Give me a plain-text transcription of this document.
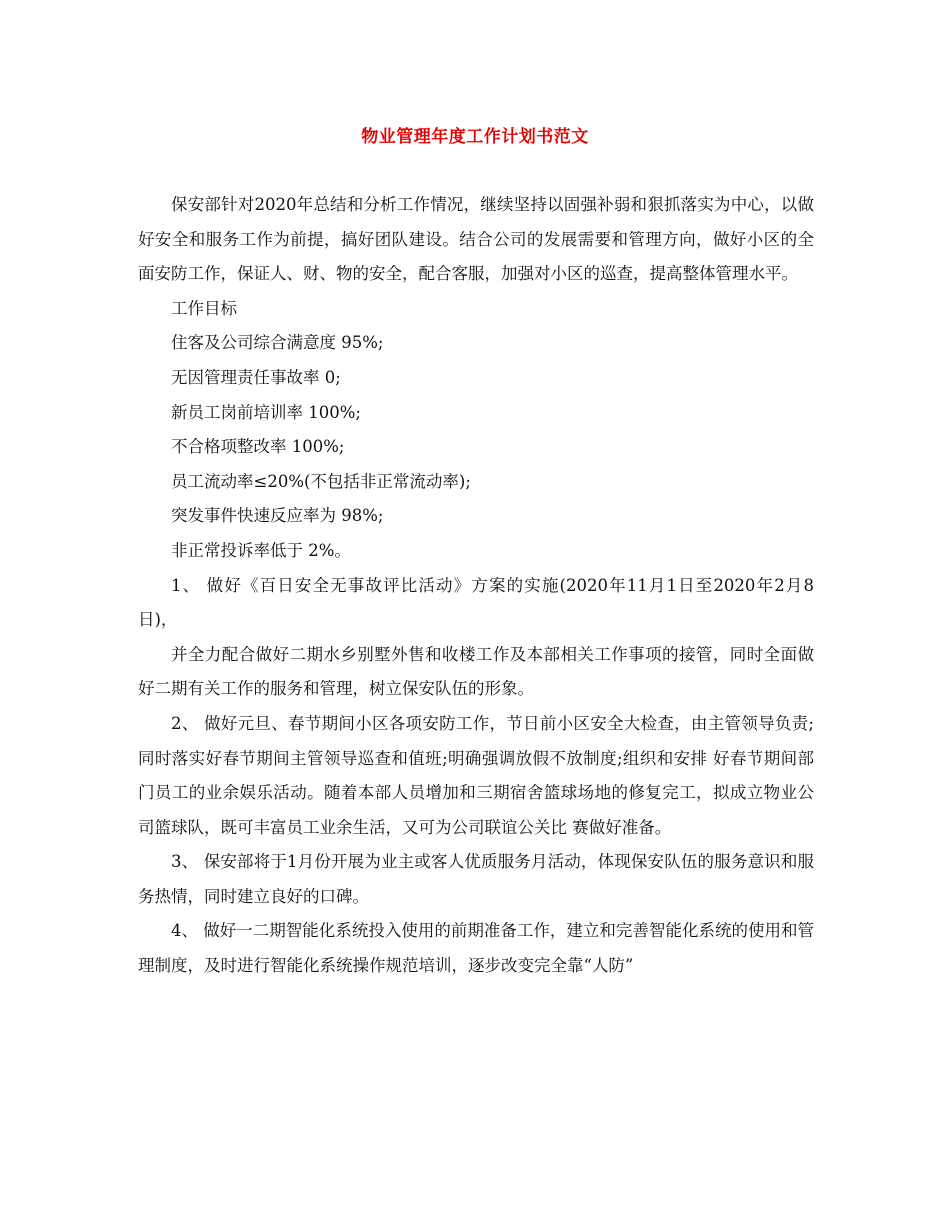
物业管理年度工作计划书范文

保安部针对2020年总结和分析工作情况，继续坚持以固强补弱和狠抓落实为中心，以做好安全和服务工作为前提，搞好团队建设。结合公司的发展需要和管理方向，做好小区的全面安防工作，保证人、财、物的安全，配合客服，加强对小区的巡查，提高整体管理水平。

工作目标

住客及公司综合满意度 95%;

无因管理责任事故率 0;

新员工岗前培训率 100%;

不合格项整改率 100%;

员工流动率≤20%(不包括非正常流动率);

突发事件快速反应率为 98%;

非正常投诉率低于 2%。

1、 做好《百日安全无事故评比活动》方案的实施(2020年11月1日至2020年2月8日)，

并全力配合做好二期水乡别墅外售和收楼工作及本部相关工作事项的接管，同时全面做好二期有关工作的服务和管理，树立保安队伍的形象。

2、 做好元旦、春节期间小区各项安防工作，节日前小区安全大检查，由主管领导负责;同时落实好春节期间主管领导巡查和值班;明确强调放假不放制度;组织和安排 好春节期间部门员工的业余娱乐活动。随着本部人员增加和三期宿舍篮球场地的修复完工，拟成立物业公司篮球队，既可丰富员工业余生活，又可为公司联谊公关比 赛做好准备。

3、 保安部将于1月份开展为业主或客人优质服务月活动，体现保安队伍的服务意识和服务热情，同时建立良好的口碑。

4、 做好一二期智能化系统投入使用的前期准备工作，建立和完善智能化系统的使用和管理制度，及时进行智能化系统操作规范培训，逐步改变完全靠“人防”
